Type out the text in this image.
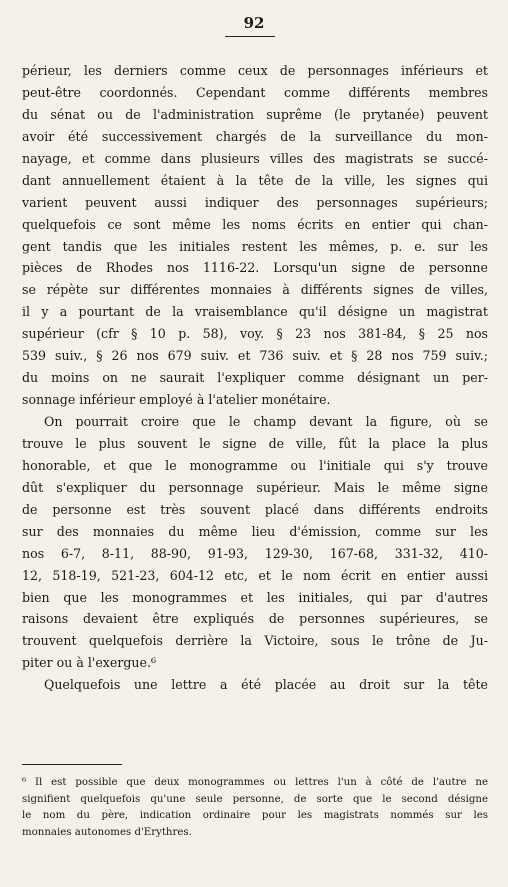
92
périeur, les derniers comme ceux de personnages inférieurs et
peut-être coordonnés. Cependant comme différents membres
du sénat ou de l'administration suprême (le prytanée) peuvent
avoir été successivement chargés de la surveillance du mon-
nayage, et comme dans plusieurs villes des magistrats se succé-
dant annuellement étaient à la tête de la ville, les signes qui
varient peuvent aussi indiquer des personnages supérieurs;
quelquefois ce sont même les noms écrits en entier qui chan-
gent tandis que les initiales restent les mêmes, p. e. sur les
pièces de Rhodes nos 1116-22. Lorsqu'un signe de personne
se répète sur différentes monnaies à différents signes de villes,
il y a pourtant de la vraisemblance qu'il désigne un magistrat
supérieur (cfr § 10 p. 58), voy. § 23 nos 381-84, § 25 nos
539 suiv., § 26 nos 679 suiv. et 736 suiv. et § 28 nos 759 suiv.;
du moins on ne saurait l'expliquer comme désignant un per-
sonnage inférieur employé à l'atelier monétaire.
On pourrait croire que le champ devant la figure, où se
trouve le plus souvent le signe de ville, fût la place la plus
honorable, et que le monogramme ou l'initiale qui s'y trouve
dût s'expliquer du personnage supérieur. Mais le même signe
de personne est très souvent placé dans différents endroits
sur des monnaies du même lieu d'émission, comme sur les
nos 6-7, 8-11, 88-90, 91-93, 129-30, 167-68, 331-32, 410-
12, 518-19, 521-23, 604-12 etc, et le nom écrit en entier aussi
bien que les monogrammes et les initiales, qui par d'autres
raisons devaient être expliqués de personnes supérieures, se
trouvent quelquefois derrière la Victoire, sous le trône de Ju-
piter ou à l'exergue.⁶
Quelquefois une lettre a été placée au droit sur la tête
⁶ Il est possible que deux monogrammes ou lettres l'un à côté de l'autre ne
signifient quelquefois qu'une seule personne, de sorte que le second désigne
le nom du père, indication ordinaire pour les magistrats nommés sur les
monnaies autonomes d'Erythres.
